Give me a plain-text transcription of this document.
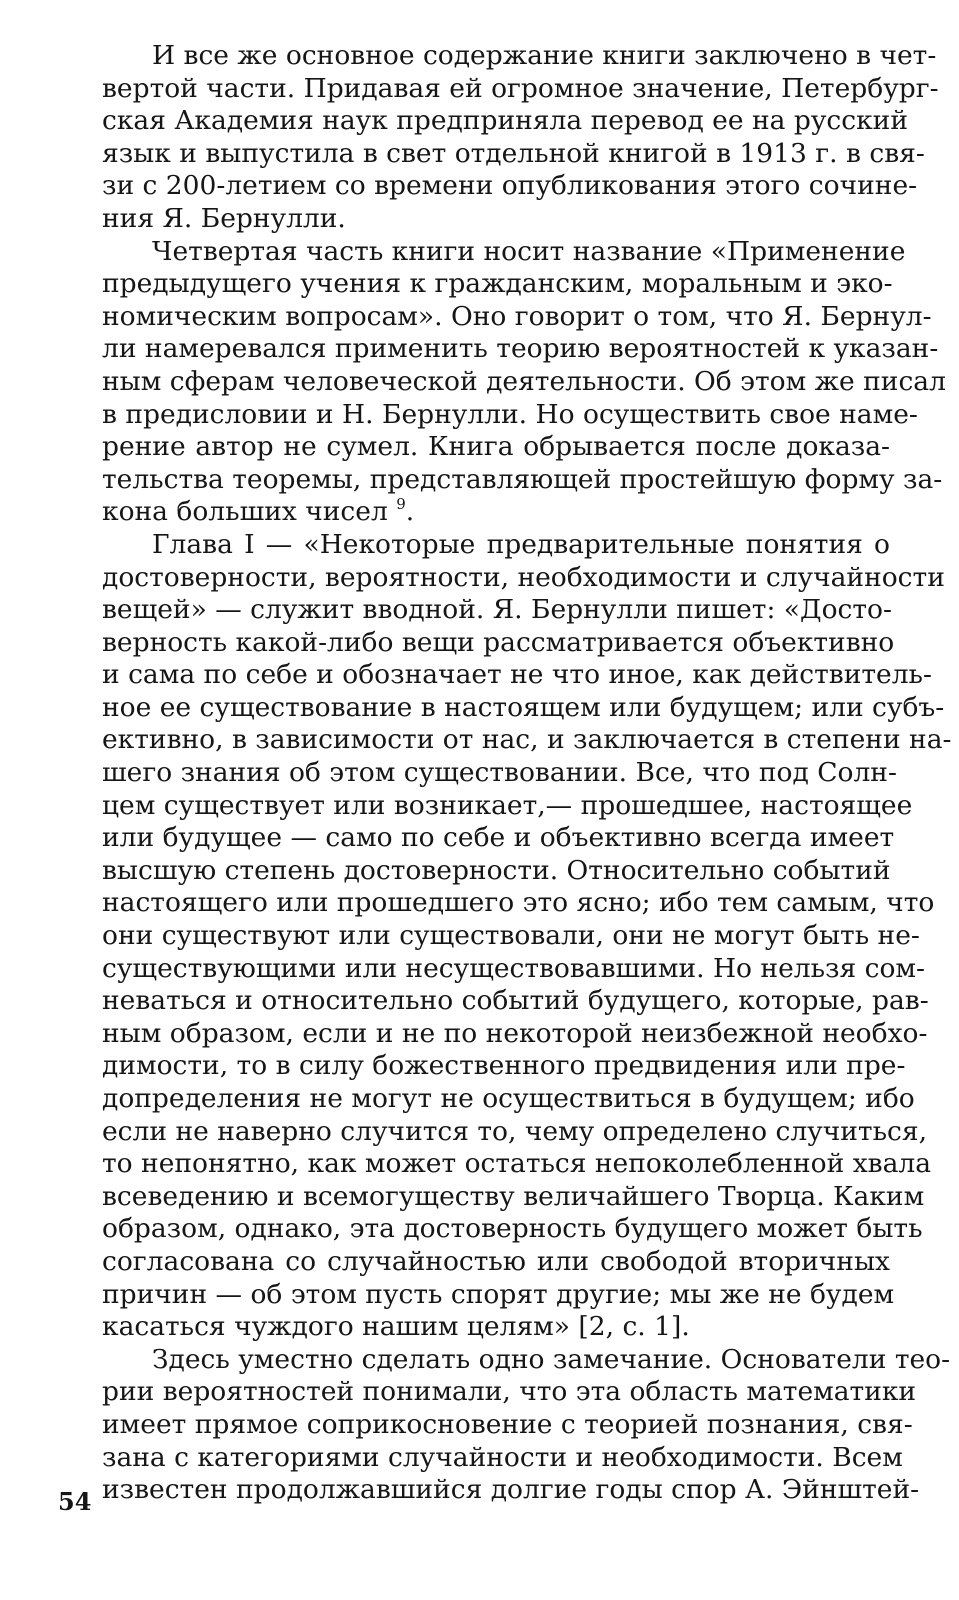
И все же основное содержание книги заключено в чет-
вертой части. Придавая ей огромное значение, Петербург-
ская Академия наук предприняла перевод ее на русский
язык и выпустила в свет отдельной книгой в 1913 г. в свя-
зи с 200-летием со времени опубликования этого сочине-
ния Я. Бернулли.

Четвертая часть книги носит название «Применение
предыдущего учения к гражданским, моральным и эко-
номическим вопросам». Оно говорит о том, что Я. Бернул-
ли намеревался применить теорию вероятностей к указан-
ным сферам человеческой деятельности. Об этом же писал
в предисловии и Н. Бернулли. Но осуществить свое наме-
рение автор не сумел. Книга обрывается после доказа-
тельства теоремы, представляющей простейшую форму за-
кона больших чисел $^9$.

Глава I — «Некоторые предварительные понятия о
достоверности, вероятности, необходимости и случайности
вещей» — служит вводной. Я. Бернулли пишет: «Досто-
верность какой-либо вещи рассматривается объективно
и сама по себе и обозначает не что иное, как действитель-
ное ее существование в настоящем или будущем; или субъ-
ективно, в зависимости от нас, и заключается в степени на-
шего знания об этом существовании. Все, что под Солн-
цем существует или возникает,— прошедшее, настоящее
или будущее — само по себе и объективно всегда имеет
высшую степень достоверности. Относительно событий
настоящего или прошедшего это ясно; ибо тем самым, что
они существуют или существовали, они не могут быть не-
существующими или несуществовавшими. Но нельзя сом-
неваться и относительно событий будущего, которые, рав-
ным образом, если и не по некоторой неизбежной необхо-
димости, то в силу божественного предвидения или пре-
допределения не могут не осуществиться в будущем; ибо
если не наверно случится то, чему определено случиться,
то непонятно, как может остаться непоколебленной хвала
всеведению и всемогуществу величайшего Творца. Каким
образом, однако, эта достоверность будущего может быть
согласована со случайностью или свободой вторичных
причин — об этом пусть спорят другие; мы же не будем
касаться чуждого нашим целям» [2, с. 1].

Здесь уместно сделать одно замечание. Основатели тео-
рии вероятностей понимали, что эта область математики
имеет прямое соприкосновение с теорией познания, свя-
зана с категориями случайности и необходимости. Всем
известен продолжавшийся долгие годы спор А. Эйнштей-

54
